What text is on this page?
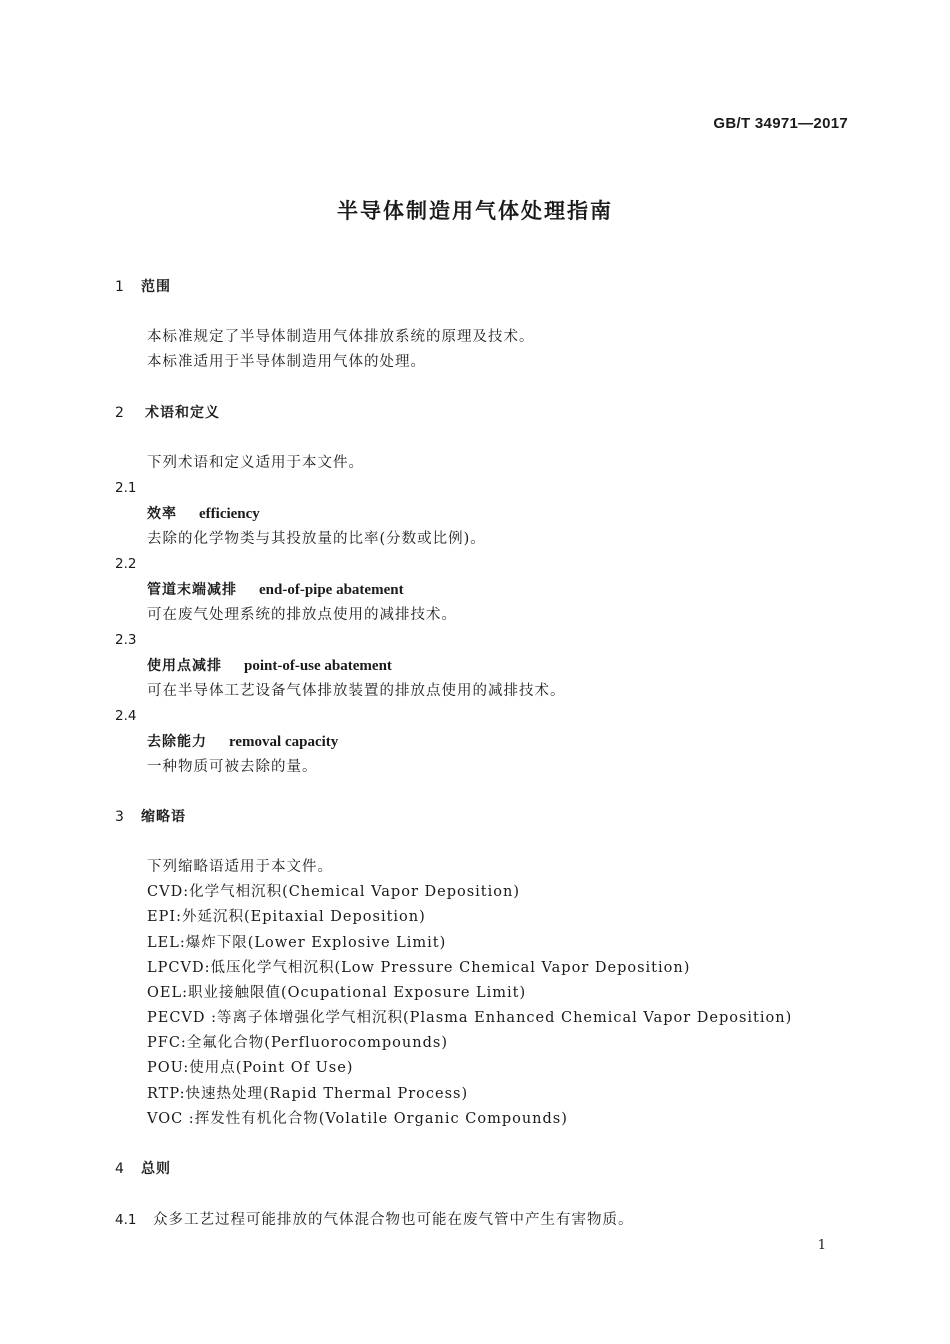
GB/T 34971—2017
半导体制造用气体处理指南
1 范围
本标准规定了半导体制造用气体排放系统的原理及技术。
本标准适用于半导体制造用气体的处理。
2 术语和定义
下列术语和定义适用于本文件。
2.1
效率 efficiency
去除的化学物类与其投放量的比率(分数或比例)。
2.2
管道末端减排 end-of-pipe abatement
可在废气处理系统的排放点使用的减排技术。
2.3
使用点减排 point-of-use abatement
可在半导体工艺设备气体排放装置的排放点使用的减排技术。
2.4
去除能力 removal capacity
一种物质可被去除的量。
3 缩略语
下列缩略语适用于本文件。
CVD:化学气相沉积(Chemical Vapor Deposition)
EPI:外延沉积(Epitaxial Deposition)
LEL:爆炸下限(Lower Explosive Limit)
LPCVD:低压化学气相沉积(Low Pressure Chemical Vapor Deposition)
OEL:职业接触限值(Ocupational Exposure Limit)
PECVD :等离子体增强化学气相沉积(Plasma Enhanced Chemical Vapor Deposition)
PFC:全氟化合物(Perfluorocompounds)
POU:使用点(Point Of Use)
RTP:快速热处理(Rapid Thermal Process)
VOC :挥发性有机化合物(Volatile Organic Compounds)
4 总则
4.1 众多工艺过程可能排放的气体混合物也可能在废气管中产生有害物质。
1
